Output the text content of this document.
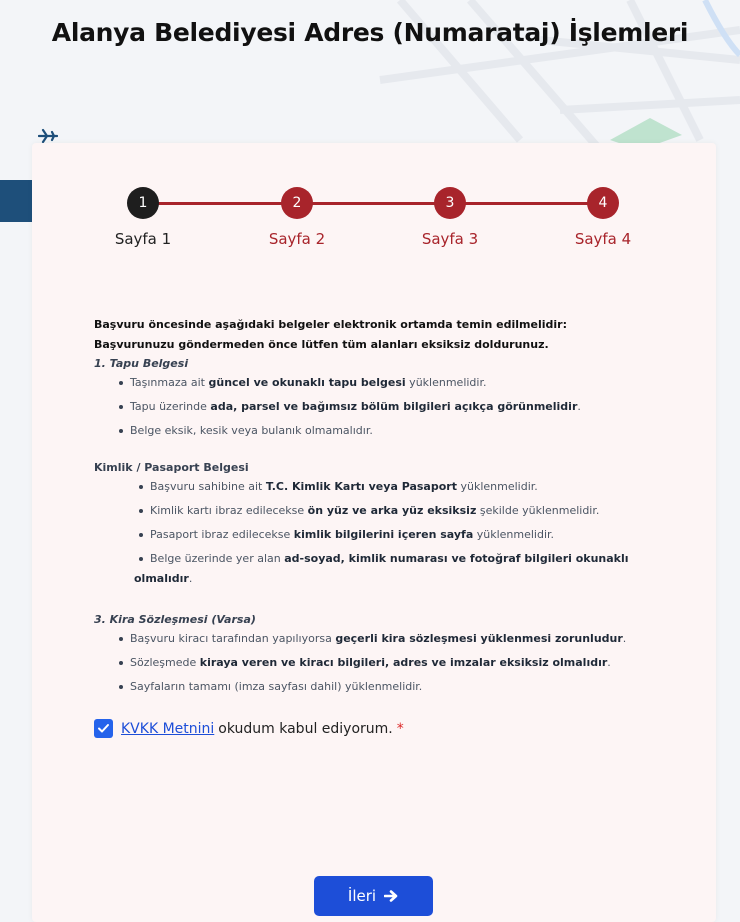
Alanya Belediyesi Adres (Numarataj) İşlemleri
1
Sayfa 1
2
Sayfa 2
3
Sayfa 3
4
Sayfa 4
Başvuru öncesinde aşağıdaki belgeler elektronik ortamda temin edilmelidir:
Başvurunuzu göndermeden önce lütfen tüm alanları eksiksiz doldurunuz.
1. Tapu Belgesi
Taşınmaza ait güncel ve okunaklı tapu belgesi yüklenmelidir.
Tapu üzerinde ada, parsel ve bağımsız bölüm bilgileri açıkça görünmelidir.
Belge eksik, kesik veya bulanık olmamalıdır.
Kimlik / Pasaport Belgesi
Başvuru sahibine ait T.C. Kimlik Kartı veya Pasaport yüklenmelidir.
Kimlik kartı ibraz edilecekse ön yüz ve arka yüz eksiksiz şekilde yüklenmelidir.
Pasaport ibraz edilecekse kimlik bilgilerini içeren sayfa yüklenmelidir.
Belge üzerinde yer alan ad-soyad, kimlik numarası ve fotoğraf bilgileri okunaklı olmalıdır.
3. Kira Sözleşmesi (Varsa)
Başvuru kiracı tarafından yapılıyorsa geçerli kira sözleşmesi yüklenmesi zorunludur.
Sözleşmede kiraya veren ve kiracı bilgileri, adres ve imzalar eksiksiz olmalıdır.
Sayfaların tamamı (imza sayfası dahil) yüklenmelidir.
KVKK Metnini okudum kabul ediyorum. *
İleri
